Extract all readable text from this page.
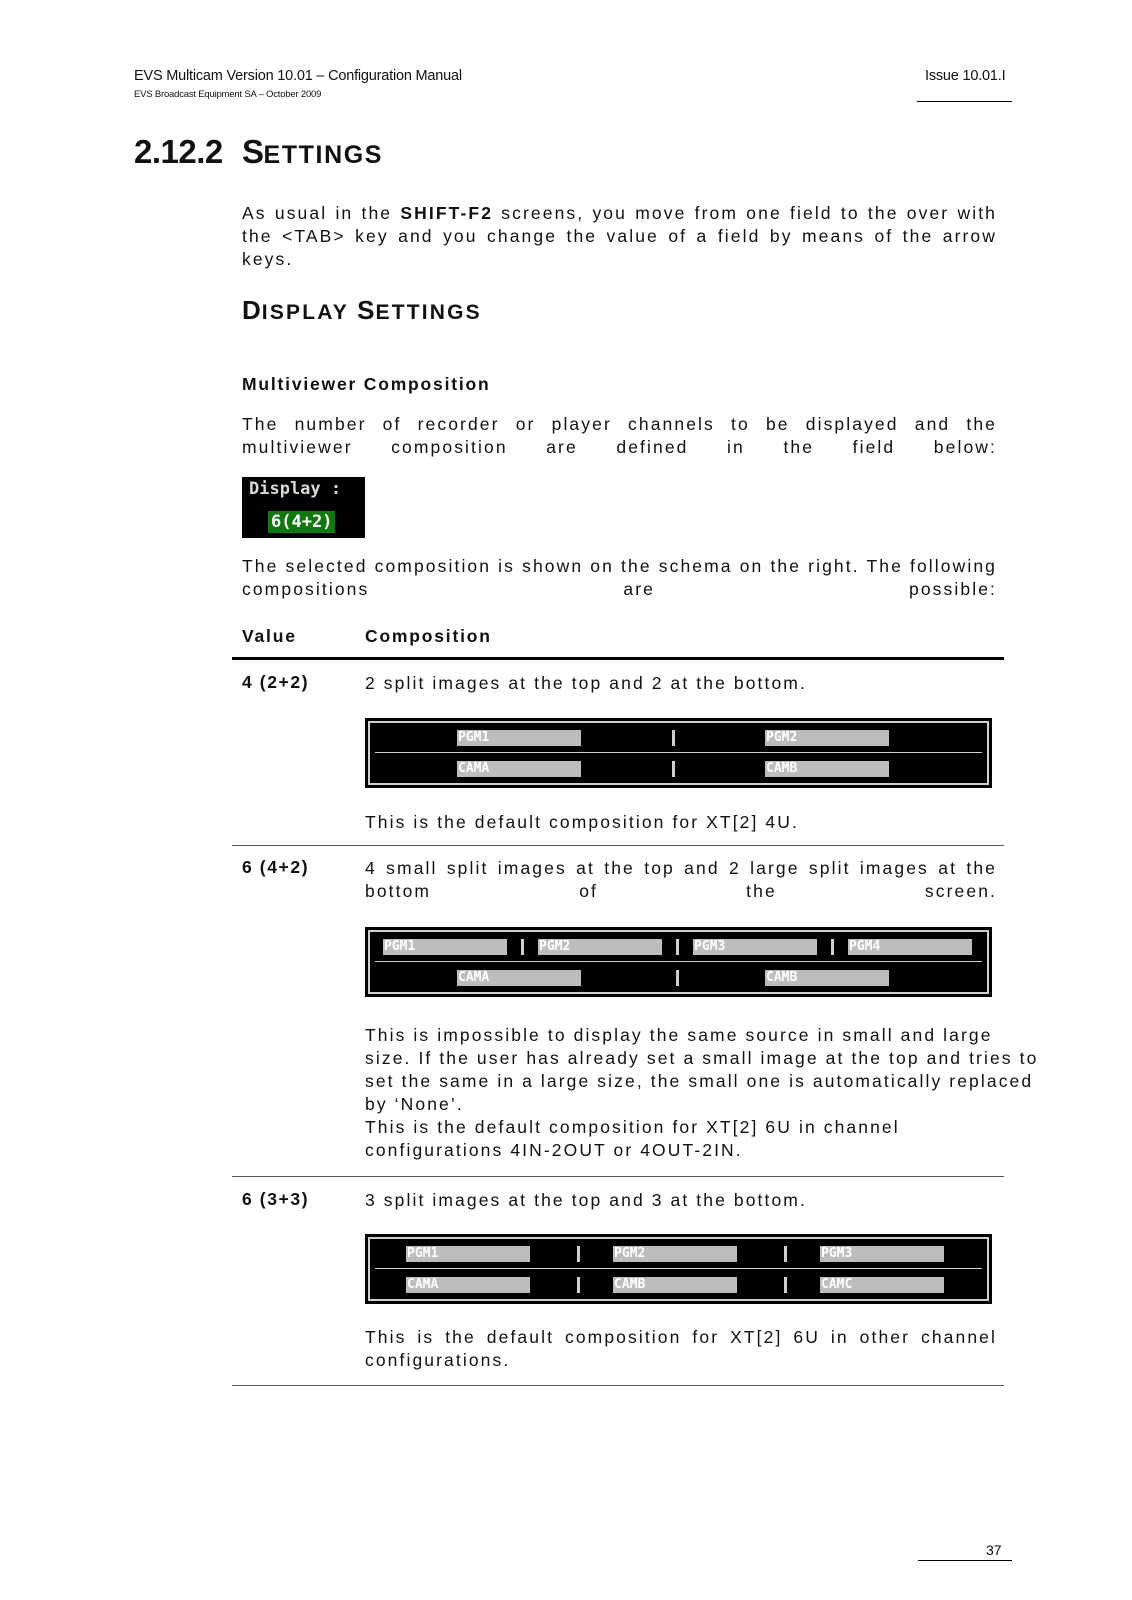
EVS Multicam Version 10.01 – Configuration Manual
EVS Broadcast Equipment SA – October 2009
Issue 10.01.I
2.12.2 SETTINGS
As usual in the SHIFT-F2 screens, you move from one field to the over with the <TAB> key and you change the value of a field by means of the arrow keys.
DISPLAY SETTINGS
Multiviewer Composition
The number of recorder or player channels to be displayed and the multiviewer composition are defined in the field below:
Display :
6(4+2)
The selected composition is shown on the schema on the right. The following compositions are possible:
Value	Composition
4 (2+2)	2 split images at the top and 2 at the bottom.
PGM1	PGM2
CAMA	CAMB
This is the default composition for XT[2] 4U.
6 (4+2)	4 small split images at the top and 2 large split images at the bottom of the screen.
PGM1	PGM2	PGM3	PGM4
CAMA	CAMB
This is impossible to display the same source in small and large
size. If the user has already set a small image at the top and tries to
set the same in a large size, the small one is automatically replaced
by ‘None’.
This is the default composition for XT[2] 6U in channel
configurations 4IN-2OUT or 4OUT-2IN.
6 (3+3)	3 split images at the top and 3 at the bottom.
PGM1	PGM2	PGM3
CAMA	CAMB	CAMC
This is the default composition for XT[2] 6U in other channel configurations.
37
